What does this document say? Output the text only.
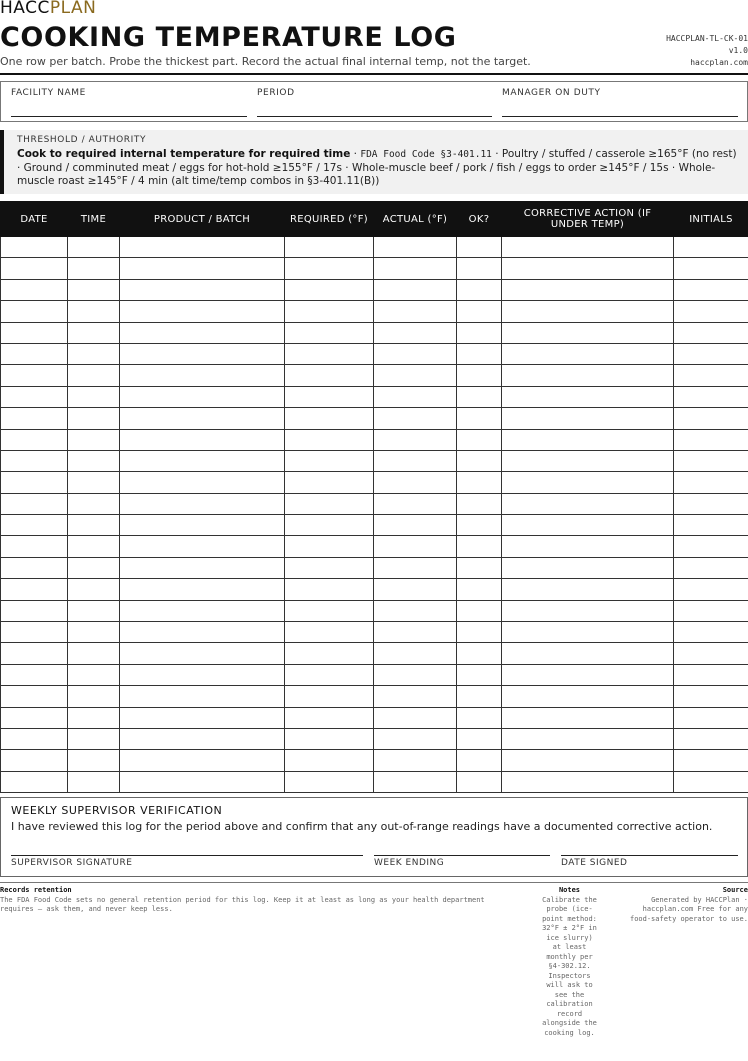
HACCPLAN
COOKING TEMPERATURE LOG
One row per batch. Probe the thickest part. Record the actual final internal temp, not the target.
HACCPLAN-TL-CK-01
v1.0
haccplan.com
FACILITY NAME	PERIOD	MANAGER ON DUTY
THRESHOLD / AUTHORITY
Cook to required internal temperature for required time · FDA Food Code §3-401.11 · Poultry / stuffed / casserole ≥165°F (no rest) · Ground / comminuted meat / eggs for hot-hold ≥155°F / 17s · Whole-muscle beef / pork / fish / eggs to order ≥145°F / 15s · Whole-muscle roast ≥145°F / 4 min (alt time/temp combos in §3-401.11(B))
DATE	TIME	PRODUCT / BATCH	REQUIRED (°F)	ACTUAL (°F)	OK?	CORRECTIVE ACTION (IF UNDER TEMP)	INITIALS

WEEKLY SUPERVISOR VERIFICATION
I have reviewed this log for the period above and confirm that any out-of-range readings have a documented corrective action.
SUPERVISOR SIGNATURE	WEEK ENDING	DATE SIGNED
Records retention
The FDA Food Code sets no general retention period for this log. Keep it at least as long as your health department requires — ask them, and never keep less.
Notes
Calibrate the probe (ice-point method: 32°F ± 2°F in ice slurry) at least monthly per §4-302.12. Inspectors will ask to see the calibration record alongside the cooking log.
Source
Generated by HACCPlan · haccplan.com Free for any food-safety operator to use.
